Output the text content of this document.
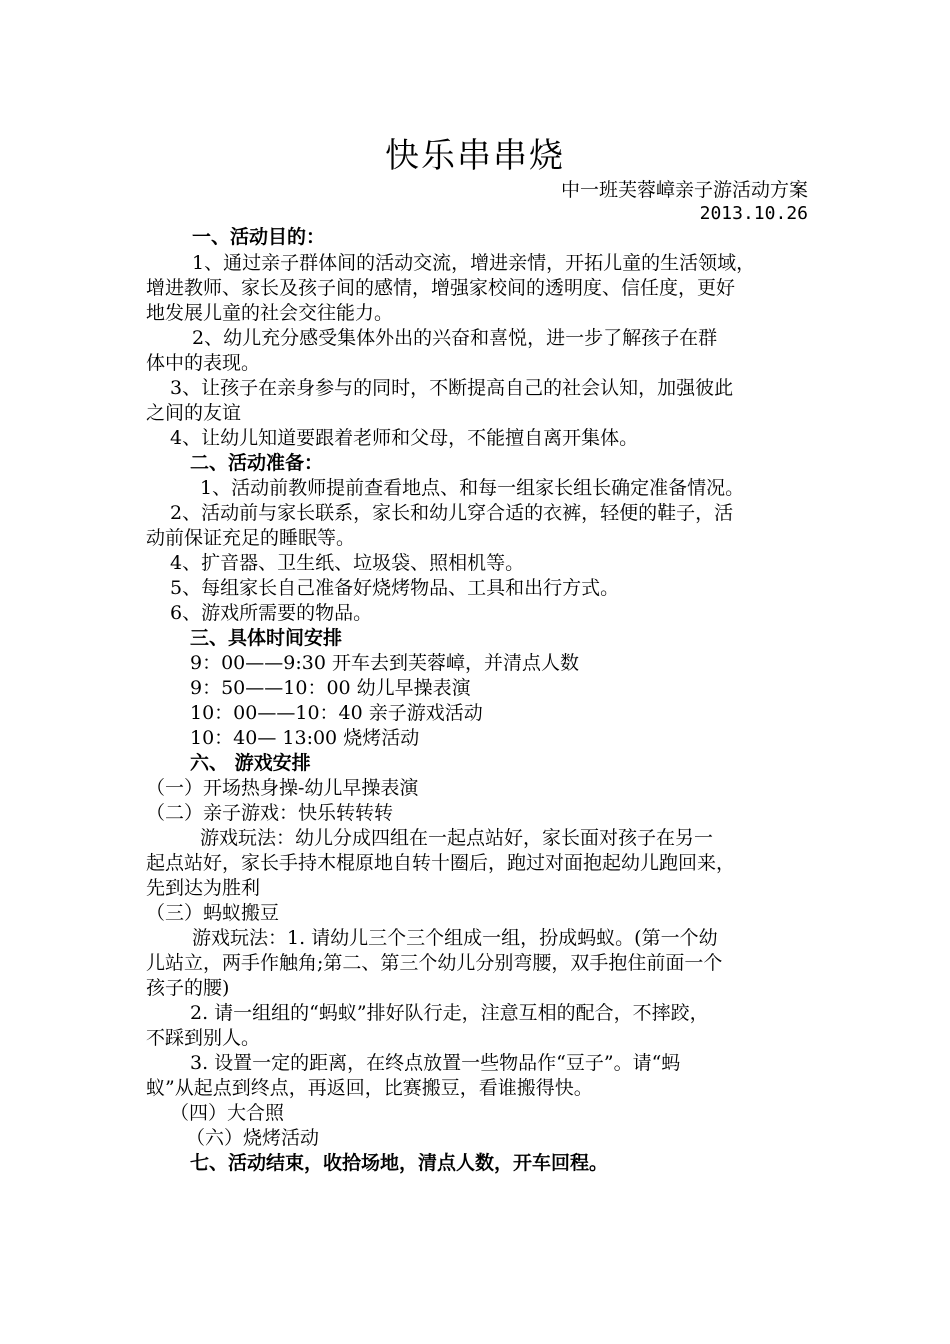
快乐串串烧
中一班芙蓉嶂亲子游活动方案
2013.10.26
一、活动目的：
1、通过亲子群体间的活动交流，增进亲情，开拓儿童的生活领域，
增进教师、家长及孩子间的感情，增强家校间的透明度、信任度，更好
地发展儿童的社会交往能力。
2、幼儿充分感受集体外出的兴奋和喜悦，进一步了解孩子在群
体中的表现。
3、让孩子在亲身参与的同时，不断提高自己的社会认知，加强彼此
之间的友谊
4、让幼儿知道要跟着老师和父母，不能擅自离开集体。
二、活动准备：
1、活动前教师提前查看地点、和每一组家长组长确定准备情况。
2、活动前与家长联系，家长和幼儿穿合适的衣裤，轻便的鞋子，活
动前保证充足的睡眠等。
4、扩音器、卫生纸、垃圾袋、照相机等。
5、每组家长自己准备好烧烤物品、工具和出行方式。
6、游戏所需要的物品。
三、具体时间安排
9：00——9:30 开车去到芙蓉嶂，并清点人数
9：50——10：00 幼儿早操表演
10：00——10：40 亲子游戏活动
10：40— 13:00 烧烤活动
六、 游戏安排
（一）开场热身操-幼儿早操表演
（二）亲子游戏：快乐转转转
游戏玩法：幼儿分成四组在一起点站好，家长面对孩子在另一
起点站好，家长手持木棍原地自转十圈后，跑过对面抱起幼儿跑回来，
先到达为胜利
（三）蚂蚁搬豆
游戏玩法：1. 请幼儿三个三个组成一组，扮成蚂蚁。(第一个幼
儿站立，两手作触角;第二、第三个幼儿分别弯腰，双手抱住前面一个
孩子的腰)
2. 请一组组的“蚂蚁”排好队行走，注意互相的配合，不摔跤，
不踩到别人。
3. 设置一定的距离，在终点放置一些物品作“豆子”。请“蚂
蚁”从起点到终点，再返回，比赛搬豆，看谁搬得快。
（四）大合照
（六）烧烤活动
七、活动结束，收拾场地，清点人数，开车回程。
